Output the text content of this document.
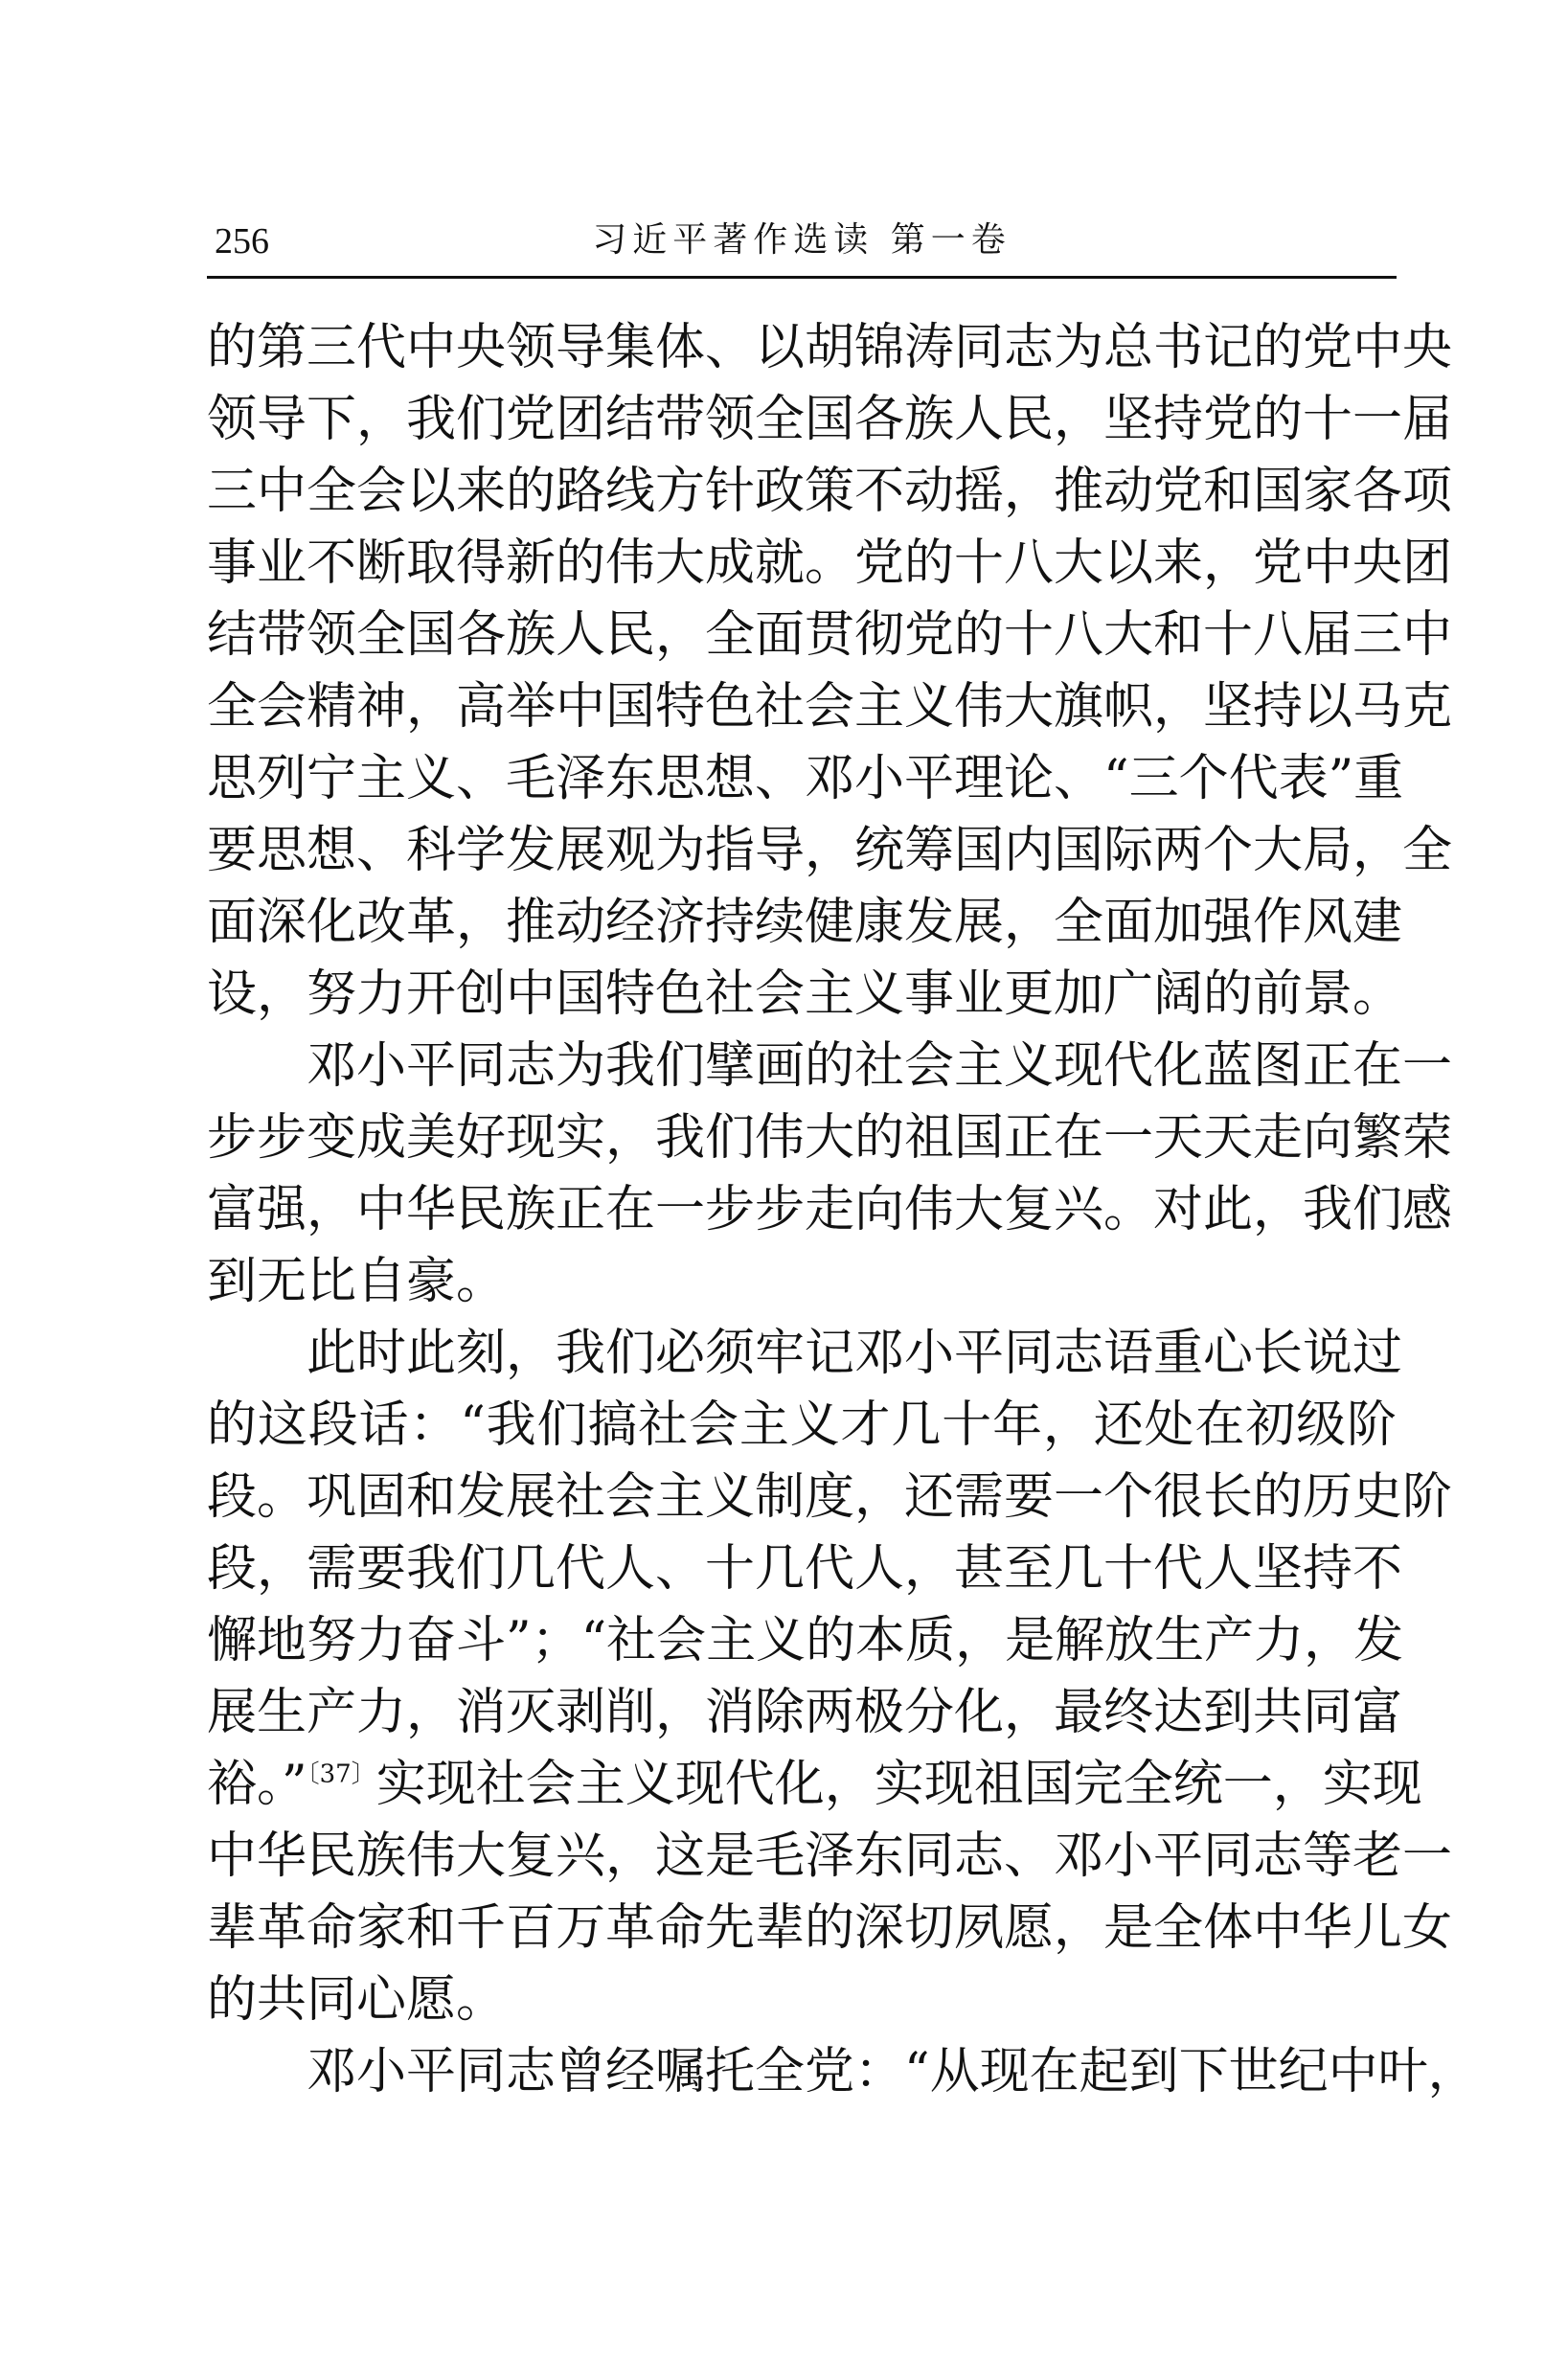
256	习近平著作选读 第一卷
的第三代中央领导集体、以胡锦涛同志为总书记的党中央
领导下，我们党团结带领全国各族人民，坚持党的十一届
三中全会以来的路线方针政策不动摇，推动党和国家各项
事业不断取得新的伟大成就。党的十八大以来，党中央团
结带领全国各族人民，全面贯彻党的十八大和十八届三中
全会精神，高举中国特色社会主义伟大旗帜，坚持以马克
思列宁主义、毛泽东思想、邓小平理论、“三个代表”重
要思想、科学发展观为指导，统筹国内国际两个大局，全
面深化改革，推动经济持续健康发展，全面加强作风建
设，努力开创中国特色社会主义事业更加广阔的前景。
邓小平同志为我们擘画的社会主义现代化蓝图正在一
步步变成美好现实，我们伟大的祖国正在一天天走向繁荣
富强，中华民族正在一步步走向伟大复兴。对此，我们感
到无比自豪。
此时此刻，我们必须牢记邓小平同志语重心长说过
的这段话：“我们搞社会主义才几十年，还处在初级阶
段。巩固和发展社会主义制度，还需要一个很长的历史阶
段，需要我们几代人、十几代人，甚至几十代人坚持不
懈地努力奋斗”；“社会主义的本质，是解放生产力，发
展生产力，消灭剥削，消除两极分化，最终达到共同富
裕。”$^{〔37〕}$实现社会主义现代化，实现祖国完全统一，实现
中华民族伟大复兴，这是毛泽东同志、邓小平同志等老一
辈革命家和千百万革命先辈的深切夙愿，是全体中华儿女
的共同心愿。
邓小平同志曾经嘱托全党：“从现在起到下世纪中叶，
